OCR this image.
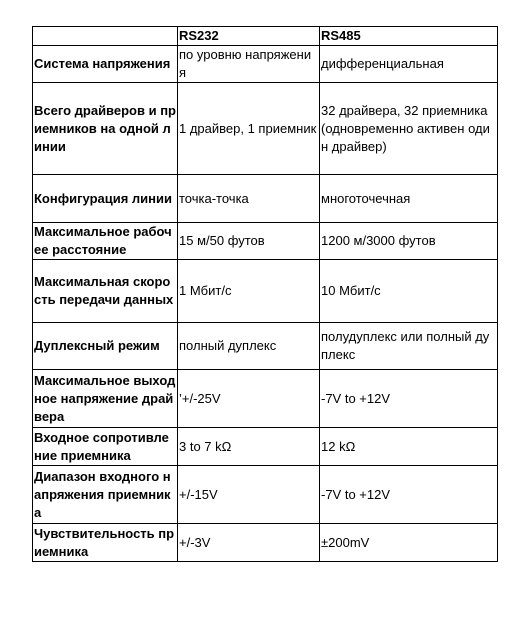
	RS232	RS485
Система напряжения	по уровню напряжения	дифференциальная
Всего драйверов и приемников на одной линии	1 драйвер, 1 приемник	32 драйвера, 32 приемника (одновременно активен один драйвер)
Конфигурация линии	точка-точка	многоточечная
Максимальное рабочее расстояние	15 м/50 футов	1200 м/3000 футов
Максимальная скорость передачи данных	1 Мбит/с	10 Мбит/с
Дуплексный режим	полный дуплекс	полудуплекс или полный дуплекс
Максимальное выходное напряжение драйвера	’+/-25V	-7V to +12V
Входное сопротивление приемника	3 to 7 kΩ	12 kΩ
Диапазон входного напряжения приемника	+/-15V	-7V to +12V
Чувствительность приемника	+/-3V	±200mV
